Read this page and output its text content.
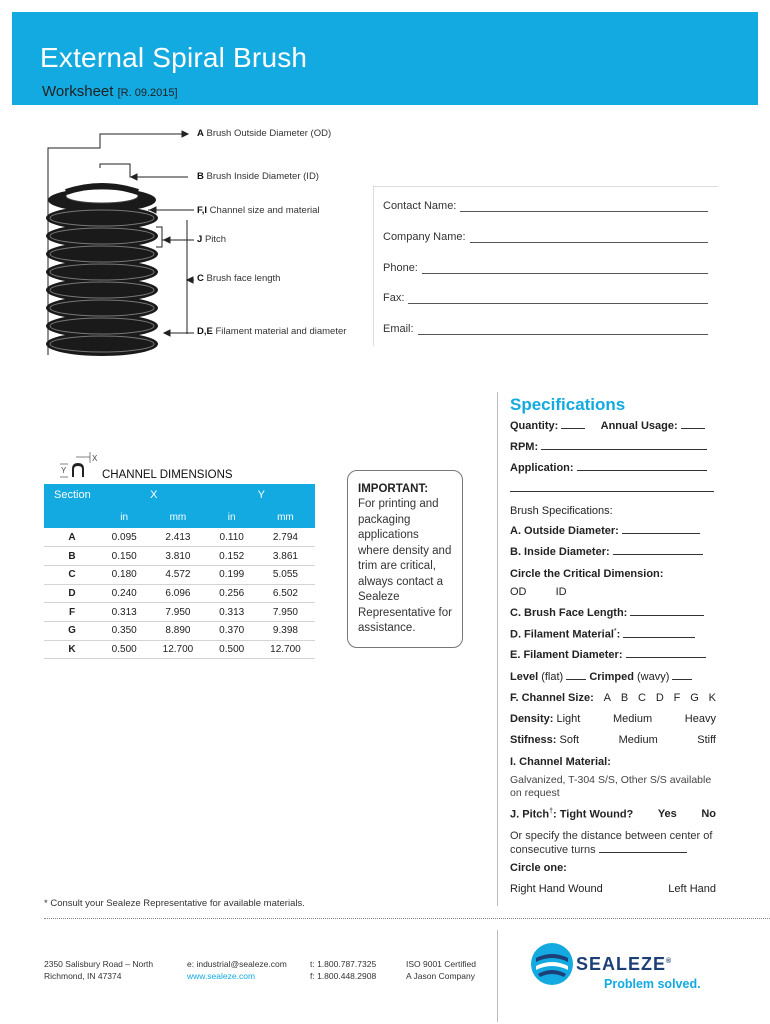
External Spiral Brush
Worksheet [R. 09.2015]
A Brush Outside Diameter (OD)
B Brush Inside Diameter (ID)
F,I Channel size and material
J Pitch
C Brush face length
D,E Filament material and diameter
Contact Name:
Company Name:
Phone:
Fax:
Email:
X
Y	CHANNEL DIMENSIONS
Section	X		Y	
	in	mm	in	mm
A	0.095	2.413	0.110	2.794
B	0.150	3.810	0.152	3.861
C	0.180	4.572	0.199	5.055
D	0.240	6.096	0.256	6.502
F	0.313	7.950	0.313	7.950
G	0.350	8.890	0.370	9.398
K	0.500	12.700	0.500	12.700
IMPORTANT:
For printing and packaging applications where density and trim are critical, always contact a Sealeze Representative for assistance.
Specifications
Quantity:	Annual Usage:
RPM:
Application:
Brush Specifications:
A. Outside Diameter:
B. Inside Diameter:
Circle the Critical Dimension:
OD	ID
C. Brush Face Length:
D. Filament Material*:
E. Filament Diameter:
Level (flat) Crimped (wavy)
F. Channel Size: A B C D F G K
Density: Light	Medium	Heavy
Stifness: Soft	Medium	Stiff
I. Channel Material:
Galvanized, T-304 S/S, Other S/S available on request
J. Pitch†: Tight Wound? Yes No
Or specify the distance between center of consecutive turns
Circle one:
Right Hand Wound	Left Hand
* Consult your Sealeze Representative for available materials.
2350 Salisbury Road – North
Richmond, IN 47374
e: industrial@sealeze.com
www.sealeze.com
t: 1.800.787.7325
f: 1.800.448.2908
ISO 9001 Certified
A Jason Company
SEALEZE®
Problem solved.
